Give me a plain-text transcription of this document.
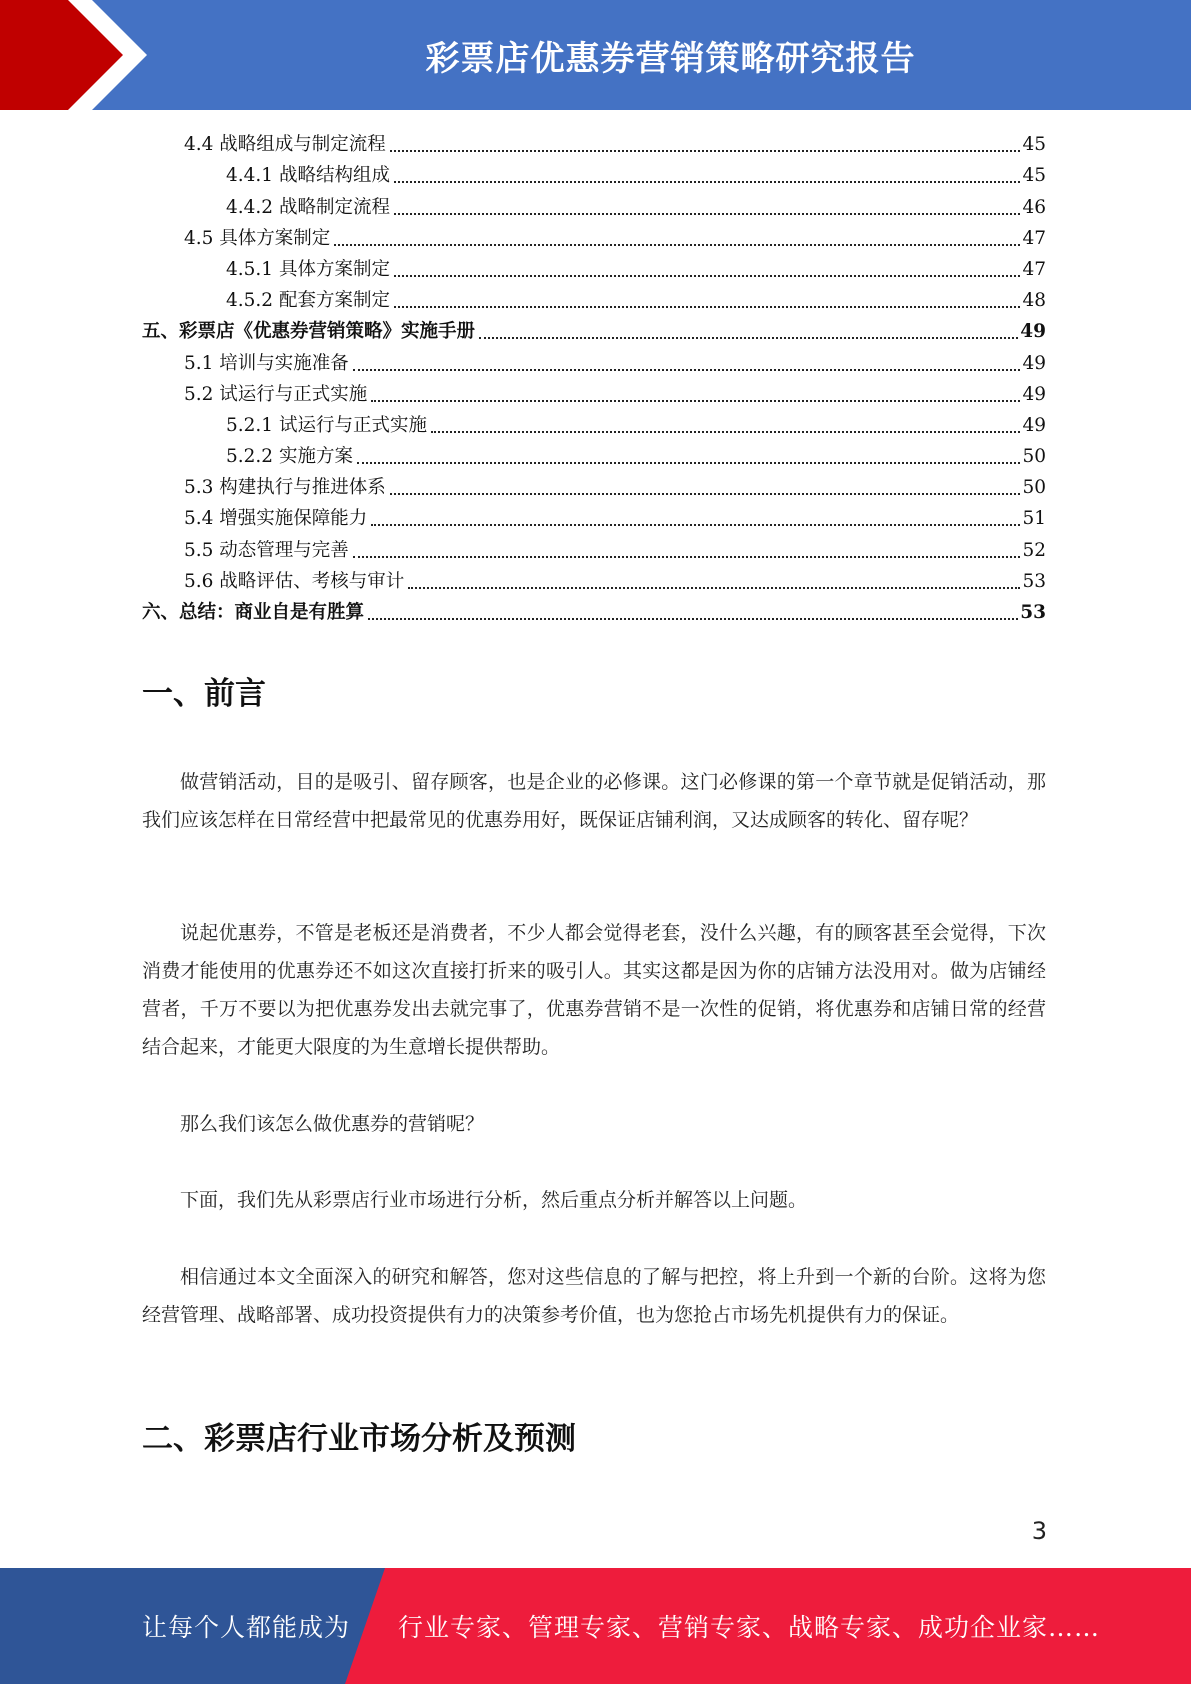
彩票店优惠券营销策略研究报告
4.4 战略组成与制定流程	45
4.4.1 战略结构组成	45
4.4.2 战略制定流程	46
4.5 具体方案制定	47
4.5.1 具体方案制定	47
4.5.2 配套方案制定	48
五、彩票店《优惠券营销策略》实施手册	49
5.1 培训与实施准备	49
5.2 试运行与正式实施	49
5.2.1 试运行与正式实施	49
5.2.2 实施方案	50
5.3 构建执行与推进体系	50
5.4 增强实施保障能力	51
5.5 动态管理与完善	52
5.6 战略评估、考核与审计	53
六、总结：商业自是有胜算	53
一、前言
做营销活动，目的是吸引、留存顾客，也是企业的必修课。这门必修课的第一个章节就是促销活动，那我们应该怎样在日常经营中把最常见的优惠券用好，既保证店铺利润，又达成顾客的转化、留存呢？
说起优惠券，不管是老板还是消费者，不少人都会觉得老套，没什么兴趣，有的顾客甚至会觉得，下次消费才能使用的优惠券还不如这次直接打折来的吸引人。其实这都是因为你的店铺方法没用对。做为店铺经营者，千万不要以为把优惠券发出去就完事了，优惠券营销不是一次性的促销，将优惠券和店铺日常的经营结合起来，才能更大限度的为生意增长提供帮助。
那么我们该怎么做优惠券的营销呢？
下面，我们先从彩票店行业市场进行分析，然后重点分析并解答以上问题。
相信通过本文全面深入的研究和解答，您对这些信息的了解与把控，将上升到一个新的台阶。这将为您经营管理、战略部署、成功投资提供有力的决策参考价值，也为您抢占市场先机提供有力的保证。
二、彩票店行业市场分析及预测
3
让每个人都能成为 行业专家、管理专家、营销专家、战略专家、成功企业家……
